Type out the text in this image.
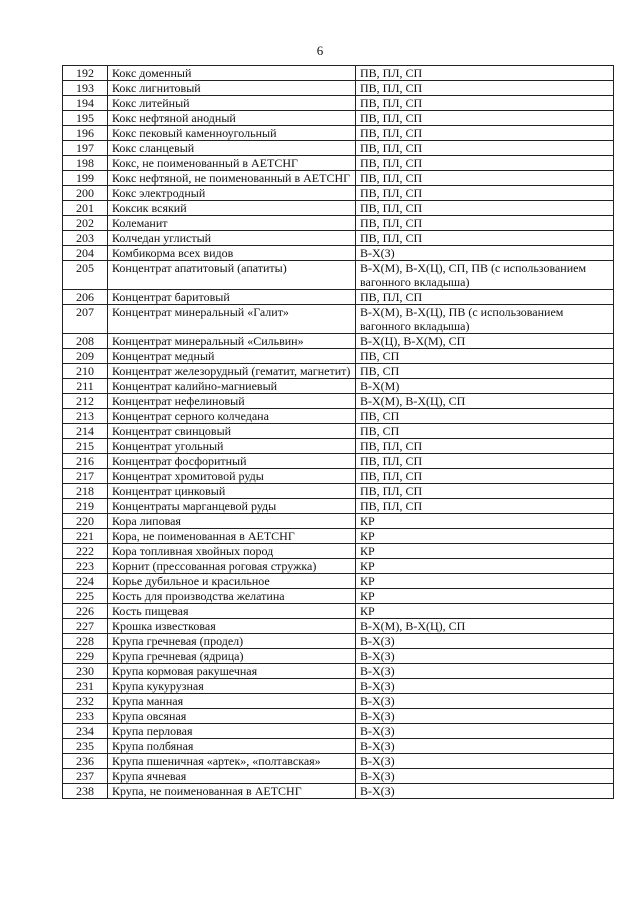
6
192	Кокс доменный	ПВ, ПЛ, СП
193	Кокс лигнитовый	ПВ, ПЛ, СП
194	Кокс литейный	ПВ, ПЛ, СП
195	Кокс нефтяной анодный	ПВ, ПЛ, СП
196	Кокс пековый каменноугольный	ПВ, ПЛ, СП
197	Кокс сланцевый	ПВ, ПЛ, СП
198	Кокс, не поименованный в АЕТСНГ	ПВ, ПЛ, СП
199	Кокс нефтяной, не поименованный в АЕТСНГ	ПВ, ПЛ, СП
200	Кокс электродный	ПВ, ПЛ, СП
201	Коксик всякий	ПВ, ПЛ, СП
202	Колеманит	ПВ, ПЛ, СП
203	Колчедан углистый	ПВ, ПЛ, СП
204	Комбикорма всех видов	В-Х(З)
205	Концентрат апатитовый (апатиты)	В-Х(М), В-Х(Ц), СП, ПВ (с использованием вагонного вкладыша)
206	Концентрат баритовый	ПВ, ПЛ, СП
207	Концентрат минеральный «Галит»	В-Х(М), В-Х(Ц), ПВ (с использованием вагонного вкладыша)
208	Концентрат минеральный «Сильвин»	В-Х(Ц), В-Х(М), СП
209	Концентрат медный	ПВ, СП
210	Концентрат железорудный (гематит, магнетит)	ПВ, СП
211	Концентрат калийно-магниевый	В-Х(М)
212	Концентрат нефелиновый	В-Х(М), В-Х(Ц), СП
213	Концентрат серного колчедана	ПВ, СП
214	Концентрат свинцовый	ПВ, СП
215	Концентрат угольный	ПВ, ПЛ, СП
216	Концентрат фосфоритный	ПВ, ПЛ, СП
217	Концентрат хромитовой руды	ПВ, ПЛ, СП
218	Концентрат цинковый	ПВ, ПЛ, СП
219	Концентраты марганцевой руды	ПВ, ПЛ, СП
220	Кора липовая	КР
221	Кора, не поименованная в АЕТСНГ	КР
222	Кора топливная хвойных пород	КР
223	Корнит (прессованная роговая стружка)	КР
224	Корье дубильное и красильное	КР
225	Кость для производства желатина	КР
226	Кость пищевая	КР
227	Крошка известковая	В-Х(М), В-Х(Ц), СП
228	Крупа гречневая (продел)	В-Х(З)
229	Крупа гречневая (ядрица)	В-Х(З)
230	Крупа кормовая ракушечная	В-Х(З)
231	Крупа кукурузная	В-Х(З)
232	Крупа манная	В-Х(З)
233	Крупа овсяная	В-Х(З)
234	Крупа перловая	В-Х(З)
235	Крупа полбяная	В-Х(З)
236	Крупа пшеничная «артек», «полтавская»	В-Х(З)
237	Крупа ячневая	В-Х(З)
238	Крупа, не поименованная в АЕТСНГ	В-Х(З)
